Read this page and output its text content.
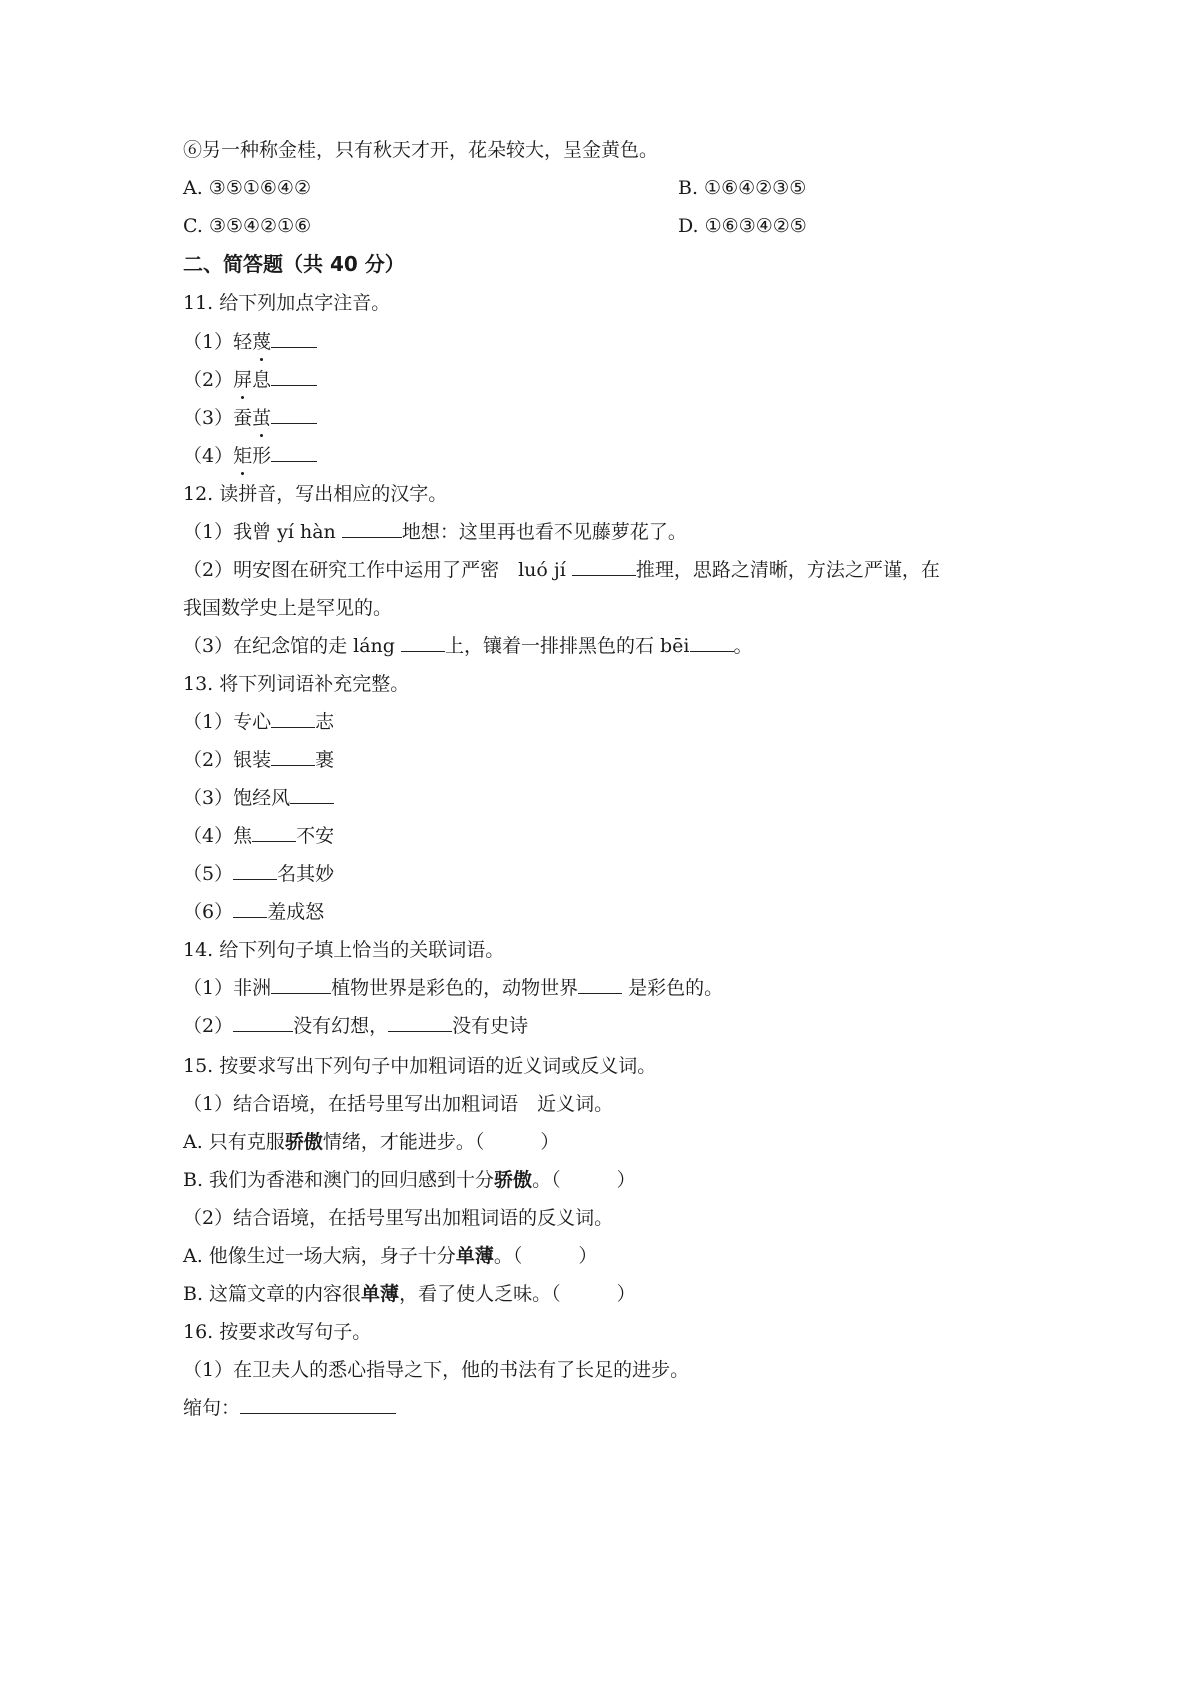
⑥另一种称金桂，只有秋天才开，花朵较大，呈金黄色。
A. ③⑤①⑥④②	B. ①⑥④②③⑤
C. ③⑤④②①⑥	D. ①⑥③④②⑤
二、简答题（共 40 分）
11. 给下列加点字注音。
（1）轻蔑
（2）屏息
（3）蚕茧
（4）矩形
12. 读拼音，写出相应的汉字。
（1）我曾 yí hàn	地想：这里再也看不见藤萝花了。
（2）明安图在研究工作中运用了严密　luó jí	推理，思路之清晰，方法之严谨，在
我国数学史上是罕见的。
（3）在纪念馆的走 láng 上，镶着一排排黑色的石 bēi 。
13. 将下列词语补充完整。
（1）专心 志
（2）银装 裹
（3）饱经风
（4）焦 不安
（5） 名其妙
（6） 羞成怒
14. 给下列句子填上恰当的关联词语。
（1）非洲	植物世界是彩色的，动物世界 是彩色的。
（2）	没有幻想，	没有史诗
15. 按要求写出下列句子中加粗词语的近义词或反义词。
（1）结合语境，在括号里写出加粗词语　近义词。
A. 只有克服骄傲情绪，才能进步。（	）
B. 我们为香港和澳门的回归感到十分骄傲。（	）
（2）结合语境，在括号里写出加粗词语的反义词。
A. 他像生过一场大病，身子十分单薄。（	）
B. 这篇文章的内容很单薄，看了使人乏味。（	）
16. 按要求改写句子。
（1）在卫夫人的悉心指导之下，他的书法有了长足的进步。
缩句：
